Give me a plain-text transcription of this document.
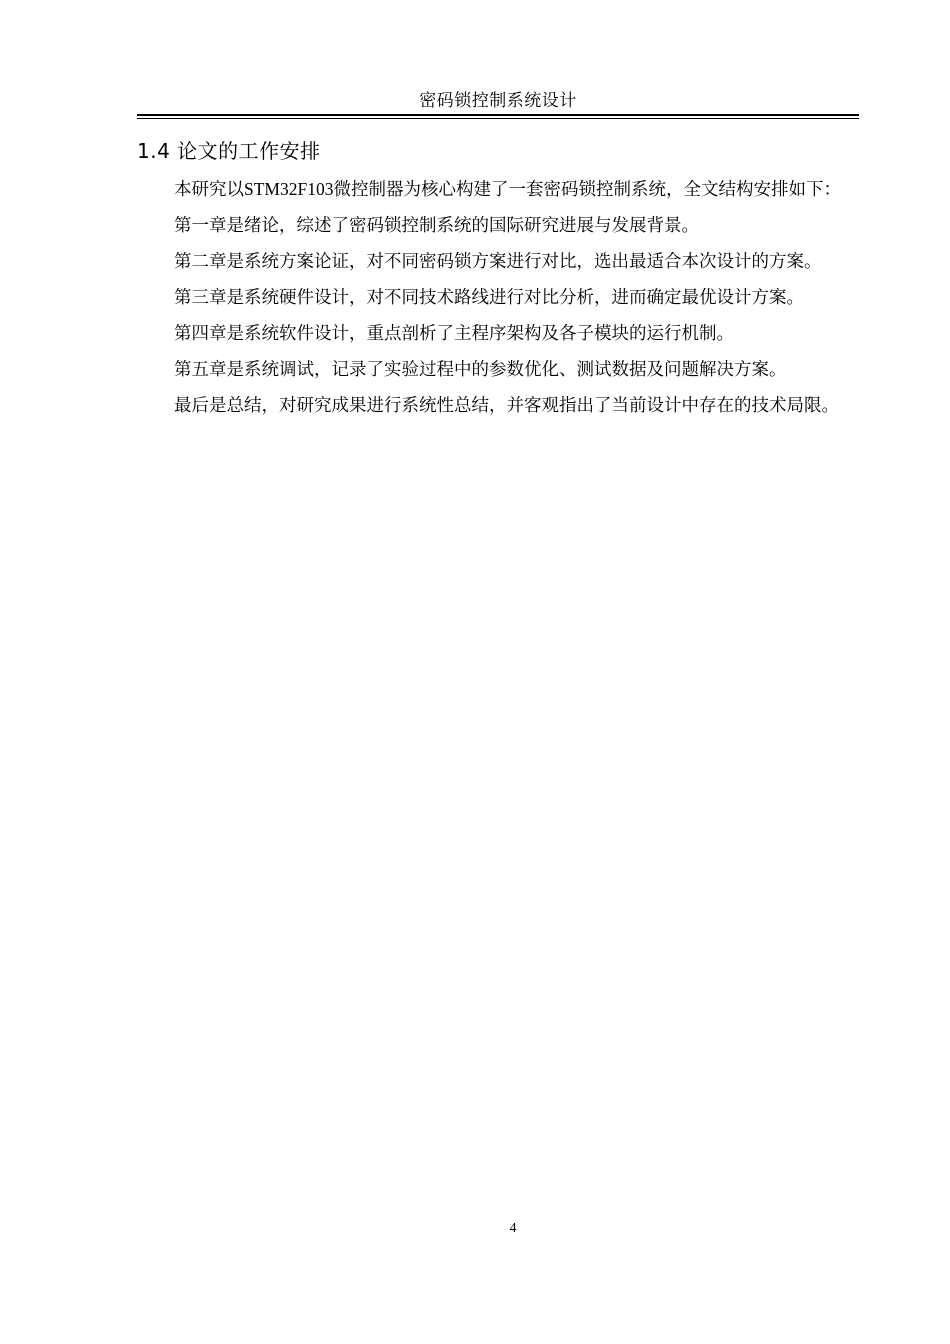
密码锁控制系统设计
1.4 论文的工作安排

本研究以STM32F103微控制器为核心构建了一套密码锁控制系统，全文结构安排如下：

第一章是绪论，综述了密码锁控制系统的国际研究进展与发展背景。

第二章是系统方案论证，对不同密码锁方案进行对比，选出最适合本次设计的方案。

第三章是系统硬件设计，对不同技术路线进行对比分析，进而确定最优设计方案。

第四章是系统软件设计，重点剖析了主程序架构及各子模块的运行机制。

第五章是系统调试，记录了实验过程中的参数优化、测试数据及问题解决方案。

最后是总结，对研究成果进行系统性总结，并客观指出了当前设计中存在的技术局限。

4
